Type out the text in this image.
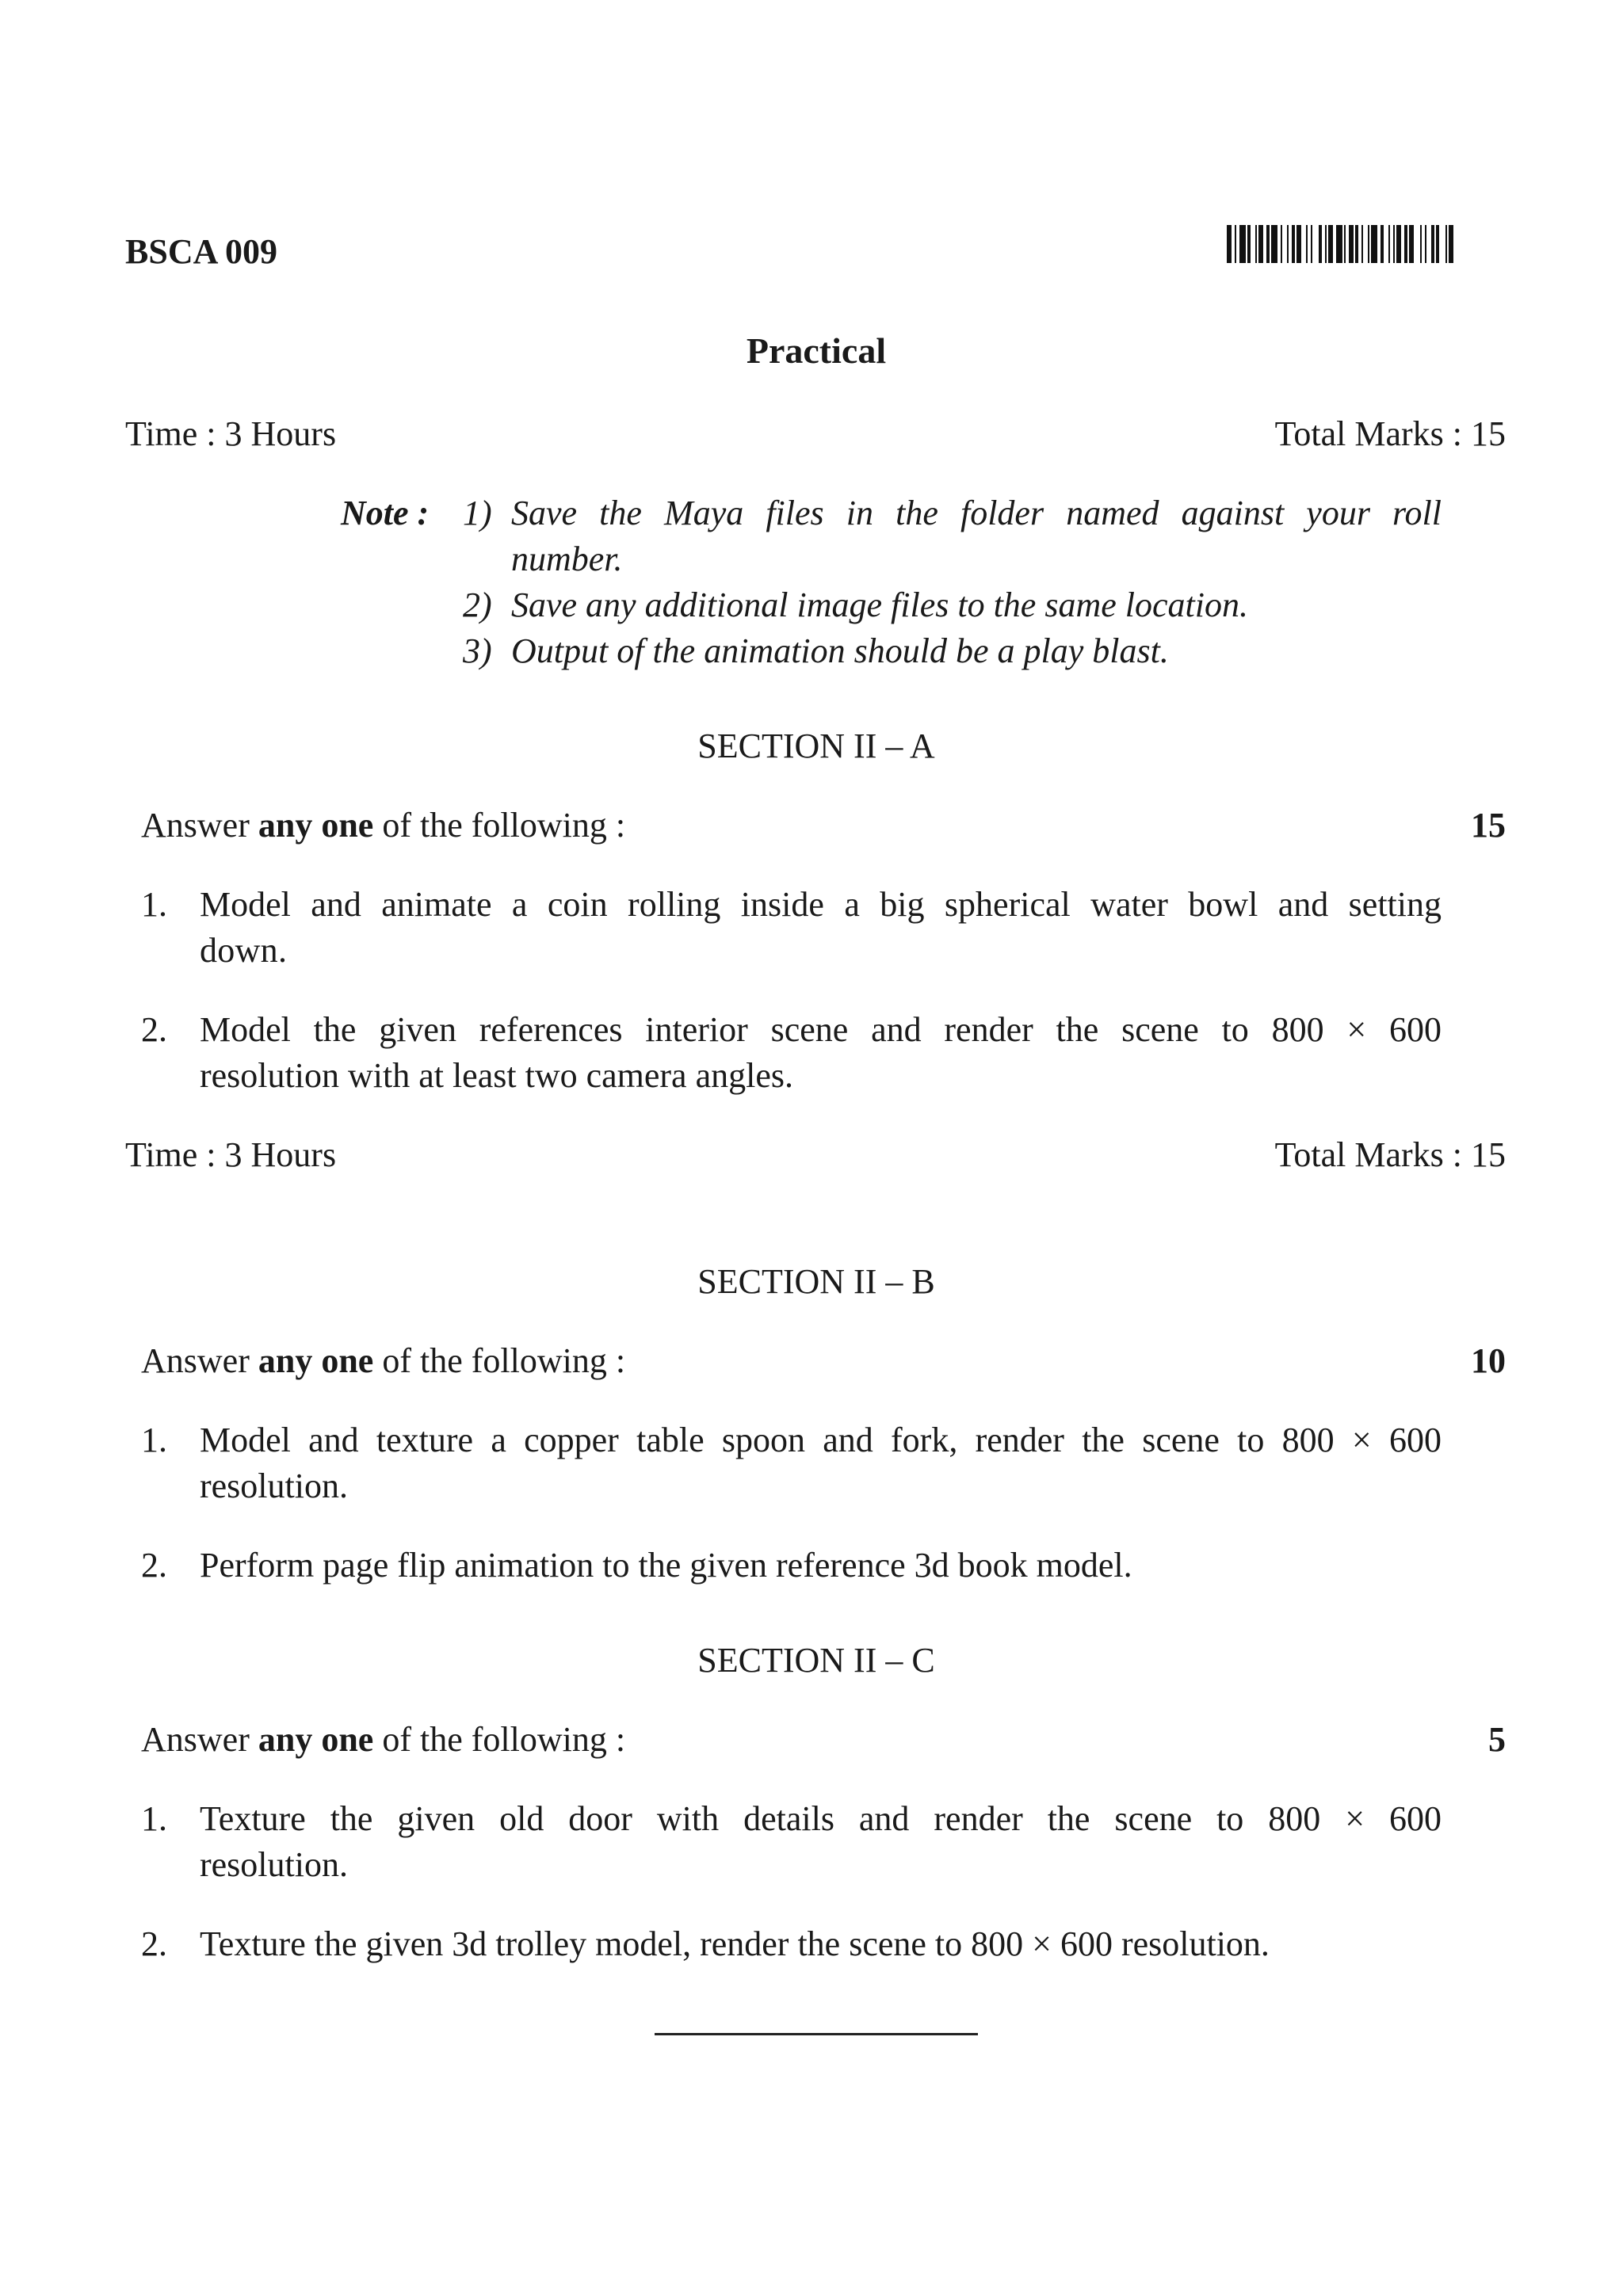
BSCA 009
Practical
Time : 3 Hours	Total Marks : 15
Note : 1) Save the Maya files in the folder named against your roll
number.
2) Save any additional image files to the same location.
3) Output of the animation should be a play blast.
SECTION II – A
Answer any one of the following :	15
1. Model and animate a coin rolling inside a big spherical water bowl and setting
down.
2. Model the given references interior scene and render the scene to 800 × 600
resolution with at least two camera angles.
Time : 3 Hours	Total Marks : 15
SECTION II – B
Answer any one of the following :	10
1. Model and texture a copper table spoon and fork, render the scene to 800 × 600
resolution.
2. Perform page flip animation to the given reference 3d book model.
SECTION II – C
Answer any one of the following :	5
1. Texture the given old door with details and render the scene to 800 × 600
resolution.
2. Texture the given 3d trolley model, render the scene to 800 × 600 resolution.
